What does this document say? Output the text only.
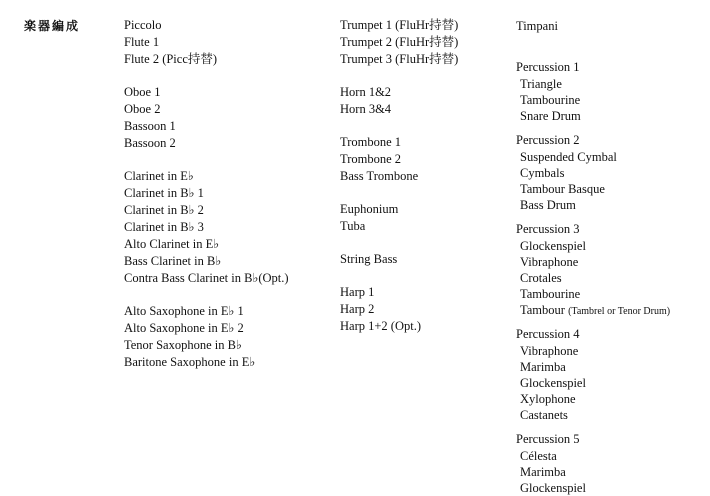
楽器編成	Piccolo
Flute 1
Flute 2 (Picc持替)
Oboe 1
Oboe 2
Bassoon 1
Bassoon 2
Clarinet in E♭
Clarinet in B♭ 1
Clarinet in B♭ 2
Clarinet in B♭ 3
Alto Clarinet in E♭
Bass Clarinet in B♭
Contra Bass Clarinet in B♭(Opt.)
Alto Saxophone in E♭ 1
Alto Saxophone in E♭ 2
Tenor Saxophone in B♭
Baritone Saxophone in E♭
Trumpet 1 (FluHr持替)
Trumpet 2 (FluHr持替)
Trumpet 3 (FluHr持替)
Horn 1&2
Horn 3&4
Trombone 1
Trombone 2
Bass Trombone
Euphonium
Tuba
String Bass
Harp 1
Harp 2
Harp 1+2 (Opt.)
Timpani
Percussion 1
Triangle
Tambourine
Snare Drum
Percussion 2
Suspended Cymbal
Cymbals
Tambour Basque
Bass Drum
Percussion 3
Glockenspiel
Vibraphone
Crotales
Tambourine
Tambour (Tambrel or Tenor Drum)
Percussion 4
Vibraphone
Marimba
Glockenspiel
Xylophone
Castanets
Percussion 5
Célesta
Marimba
Glockenspiel
